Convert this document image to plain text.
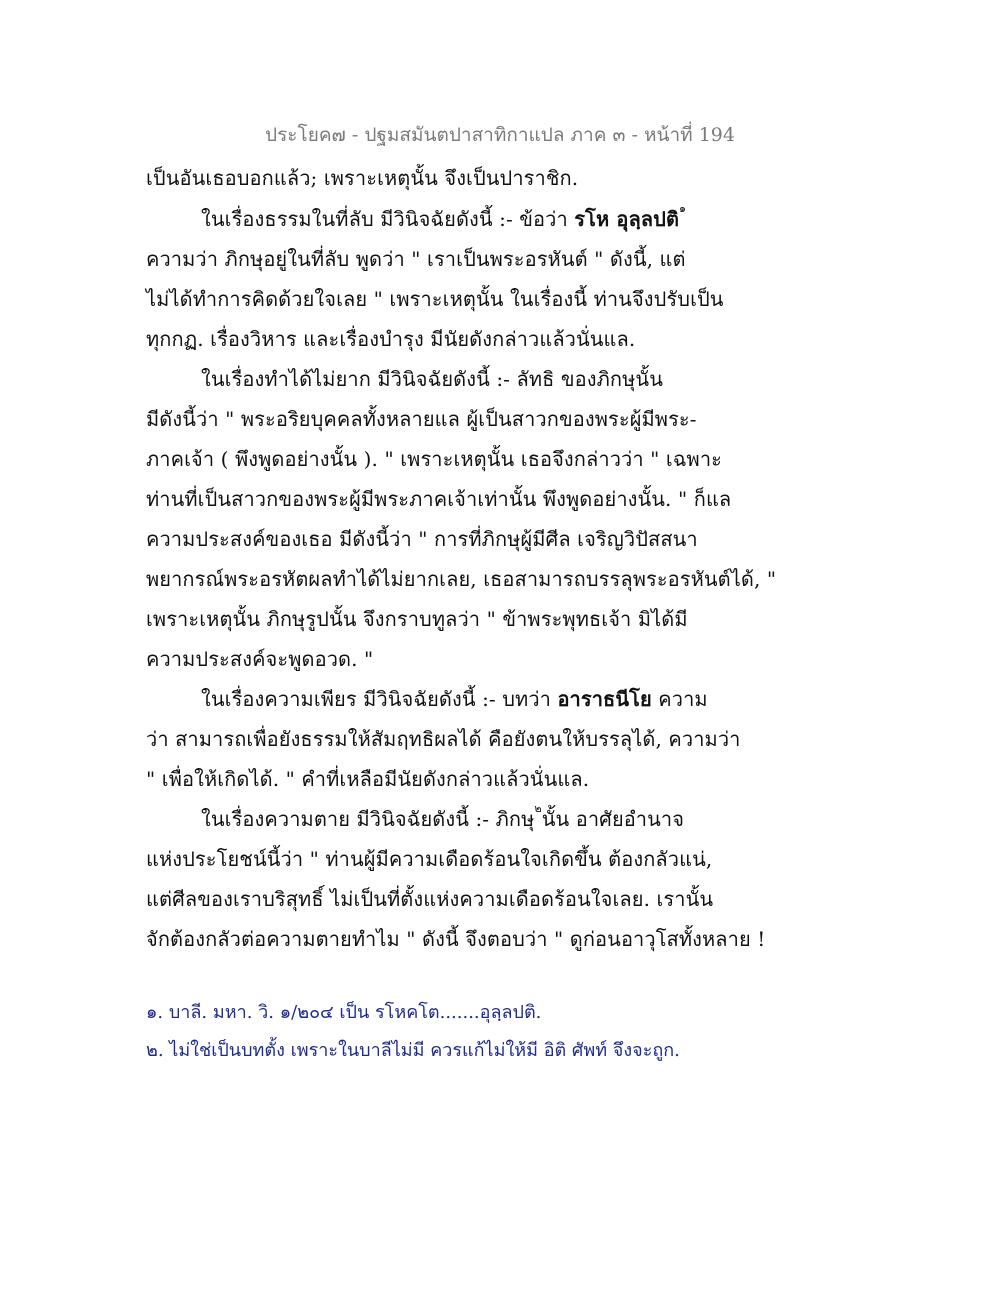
ประโยค๗ - ปฐมสมันตปาสาทิกาแปล ภาค ๓ - หน้าที่ 194
เป็นอันเธอบอกแล้ว; เพราะเหตุนั้น จึงเป็นปาราชิก.
ในเรื่องธรรมในที่ลับ มีวินิจฉัยดังนี้ :- ข้อว่า รโห อุลฺลปติ$^๑$
ความว่า ภิกษุอยู่ในที่ลับ พูดว่า " เราเป็นพระอรหันต์ " ดังนี้, แต่
ไม่ได้ทำการคิดด้วยใจเลย " เพราะเหตุนั้น ในเรื่องนี้ ท่านจึงปรับเป็น
ทุกกฏ. เรื่องวิหาร และเรื่องบำรุง มีนัยดังกล่าวแล้วนั่นแล.
ในเรื่องทำได้ไม่ยาก มีวินิจฉัยดังนี้ :- ลัทธิ ของภิกษุนั้น
มีดังนี้ว่า " พระอริยบุคคลทั้งหลายแล ผู้เป็นสาวกของพระผู้มีพระ-
ภาคเจ้า ( พึงพูดอย่างนั้น ). " เพราะเหตุนั้น เธอจึงกล่าวว่า " เฉพาะ
ท่านที่เป็นสาวกของพระผู้มีพระภาคเจ้าเท่านั้น พึงพูดอย่างนั้น. " ก็แล
ความประสงค์ของเธอ มีดังนี้ว่า " การที่ภิกษุผู้มีศีล เจริญวิปัสสนา
พยากรณ์พระอรหัตผลทำได้ไม่ยากเลย, เธอสามารถบรรลุพระอรหันต์ได้, "
เพราะเหตุนั้น ภิกษุรูปนั้น จึงกราบทูลว่า " ข้าพระพุทธเจ้า มิได้มี
ความประสงค์จะพูดอวด. "
ในเรื่องความเพียร มีวินิจฉัยดังนี้ :- บทว่า อาราธนีโย ความ
ว่า สามารถเพื่อยังธรรมให้สัมฤทธิผลได้ คือยังตนให้บรรลุได้, ความว่า
" เพื่อให้เกิดได้. " คำที่เหลือมีนัยดังกล่าวแล้วนั่นแล.
ในเรื่องความตาย มีวินิจฉัยดังนี้ :- ภิกษุ$^๒$นั้น อาศัยอำนาจ
แห่งประโยชน์นี้ว่า " ท่านผู้มีความเดือดร้อนใจเกิดขึ้น ต้องกลัวแน่,
แต่ศีลของเราบริสุทธิ์ ไม่เป็นที่ตั้งแห่งความเดือดร้อนใจเลย. เรานั้น
จักต้องกลัวต่อความตายทำไม " ดังนี้ จึงตอบว่า " ดูก่อนอาวุโสทั้งหลาย !
๑. บาลี. มหา. วิ. ๑/๒๐๔ เป็น รโหคโต.......อุลฺลปติ.
๒. ไม่ใช่เป็นบทตั้ง เพราะในบาลีไม่มี ควรแก้ไม่ให้มี อิติ ศัพท์ จึงจะถูก.
